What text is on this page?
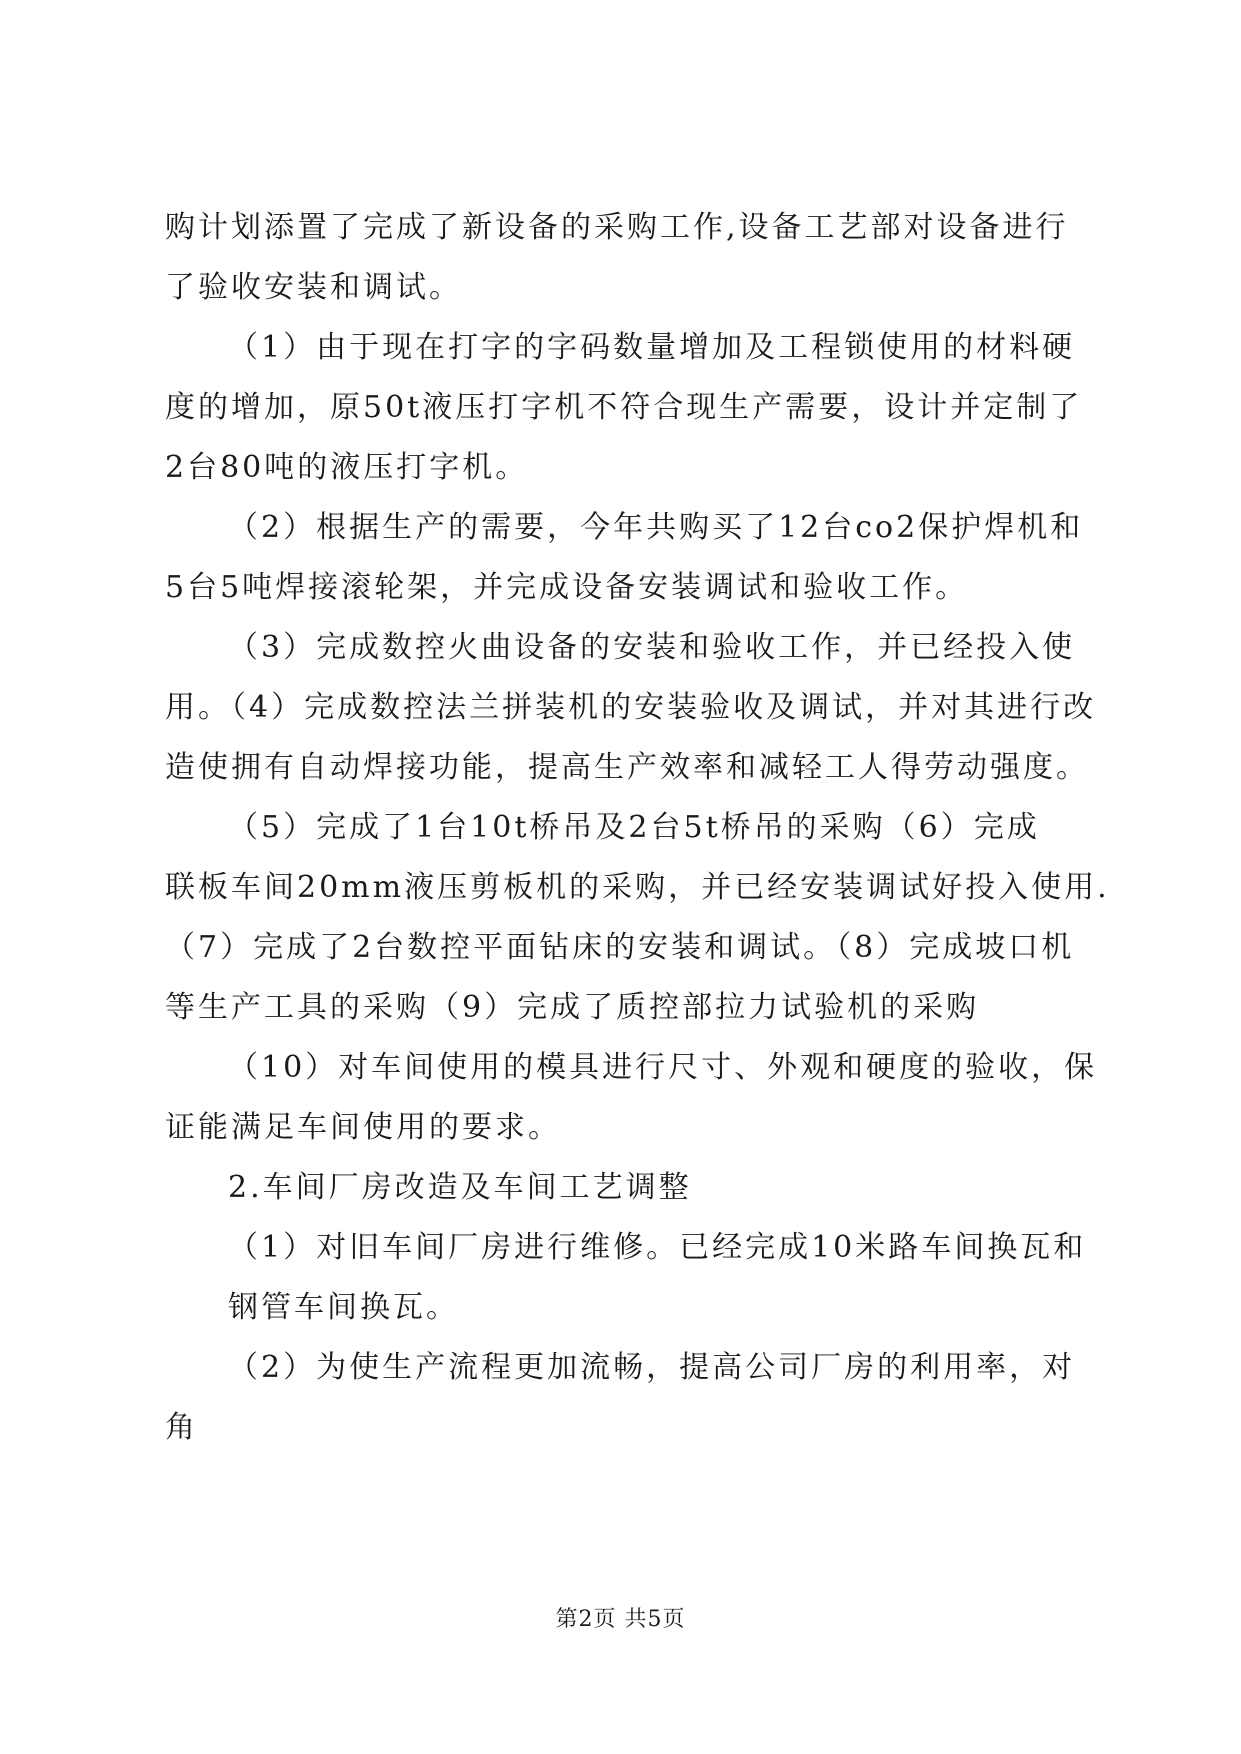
购计划添置了完成了新设备的采购工作,设备工艺部对设备进行
了验收安装和调试。
（1）由于现在打字的字码数量增加及工程锁使用的材料硬
度的增加，原50t液压打字机不符合现生产需要，设计并定制了
2台80吨的液压打字机。
（2）根据生产的需要，今年共购买了12台co2保护焊机和
5台5吨焊接滚轮架，并完成设备安装调试和验收工作。
（3）完成数控火曲设备的安装和验收工作，并已经投入使
用。（4）完成数控法兰拼装机的安装验收及调试，并对其进行改
造使拥有自动焊接功能，提高生产效率和减轻工人得劳动强度。
（5）完成了1台10t桥吊及2台5t桥吊的采购（6）完成
联板车间20mm液压剪板机的采购，并已经安装调试好投入使用.
（7）完成了2台数控平面钻床的安装和调试。（8）完成坡口机
等生产工具的采购（9）完成了质控部拉力试验机的采购
（10）对车间使用的模具进行尺寸、外观和硬度的验收，保
证能满足车间使用的要求。
2.车间厂房改造及车间工艺调整
（1）对旧车间厂房进行维修。已经完成10米路车间换瓦和
钢管车间换瓦。
（2）为使生产流程更加流畅，提高公司厂房的利用率，对
角
第2页 共5页
